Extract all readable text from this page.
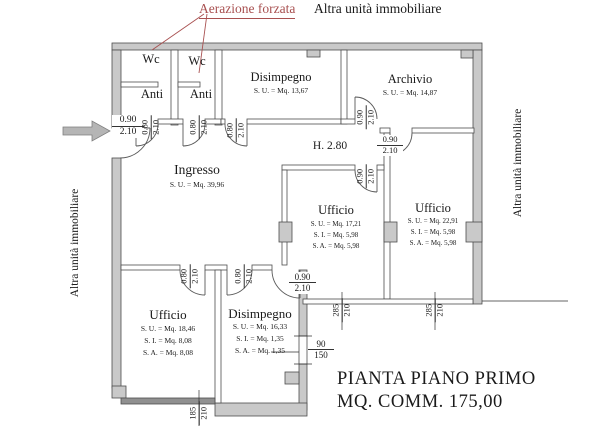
Aerazione forzata Altra unità immobiliare
Altra unità immobiliare
Altra unità immobiliare
Wc	Wc
Anti	Anti
Disimpegno
S. U. = Mq. 13,67
Archivio
S. U. = Mq. 14,87
Ingresso
S. U. = Mq. 39,96
H. 2.80
Ufficio
S. U. = Mq. 17,21
S. I. = Mq. 5,98
S. A. = Mq. 5,98
Ufficio
S. U. = Mq. 22,91
S. I. = Mq. 5,98
S. A. = Mq. 5,98
Ufficio
S. U. = Mq. 18,46
S. I. = Mq. 8,08
S. A. = Mq. 8,08
Disimpegno
S. U. = Mq. 16,33
S. I. = Mq. 1,35
S. A. = Mq. 1,35
$\frac{0.90}{2.10}$
0.80 2.10	0.80 2.10 0.80 2.10
0.90 2.10
$\frac{0.90}{2.10}$
0.90 2.10
0.80 2.10	0.80 2.10	$\frac{0.90}{2.10}$
285 210	285 210
$\frac{90}{150}$
185 210
PIANTA PIANO PRIMO
MQ. COMM. 175,00
